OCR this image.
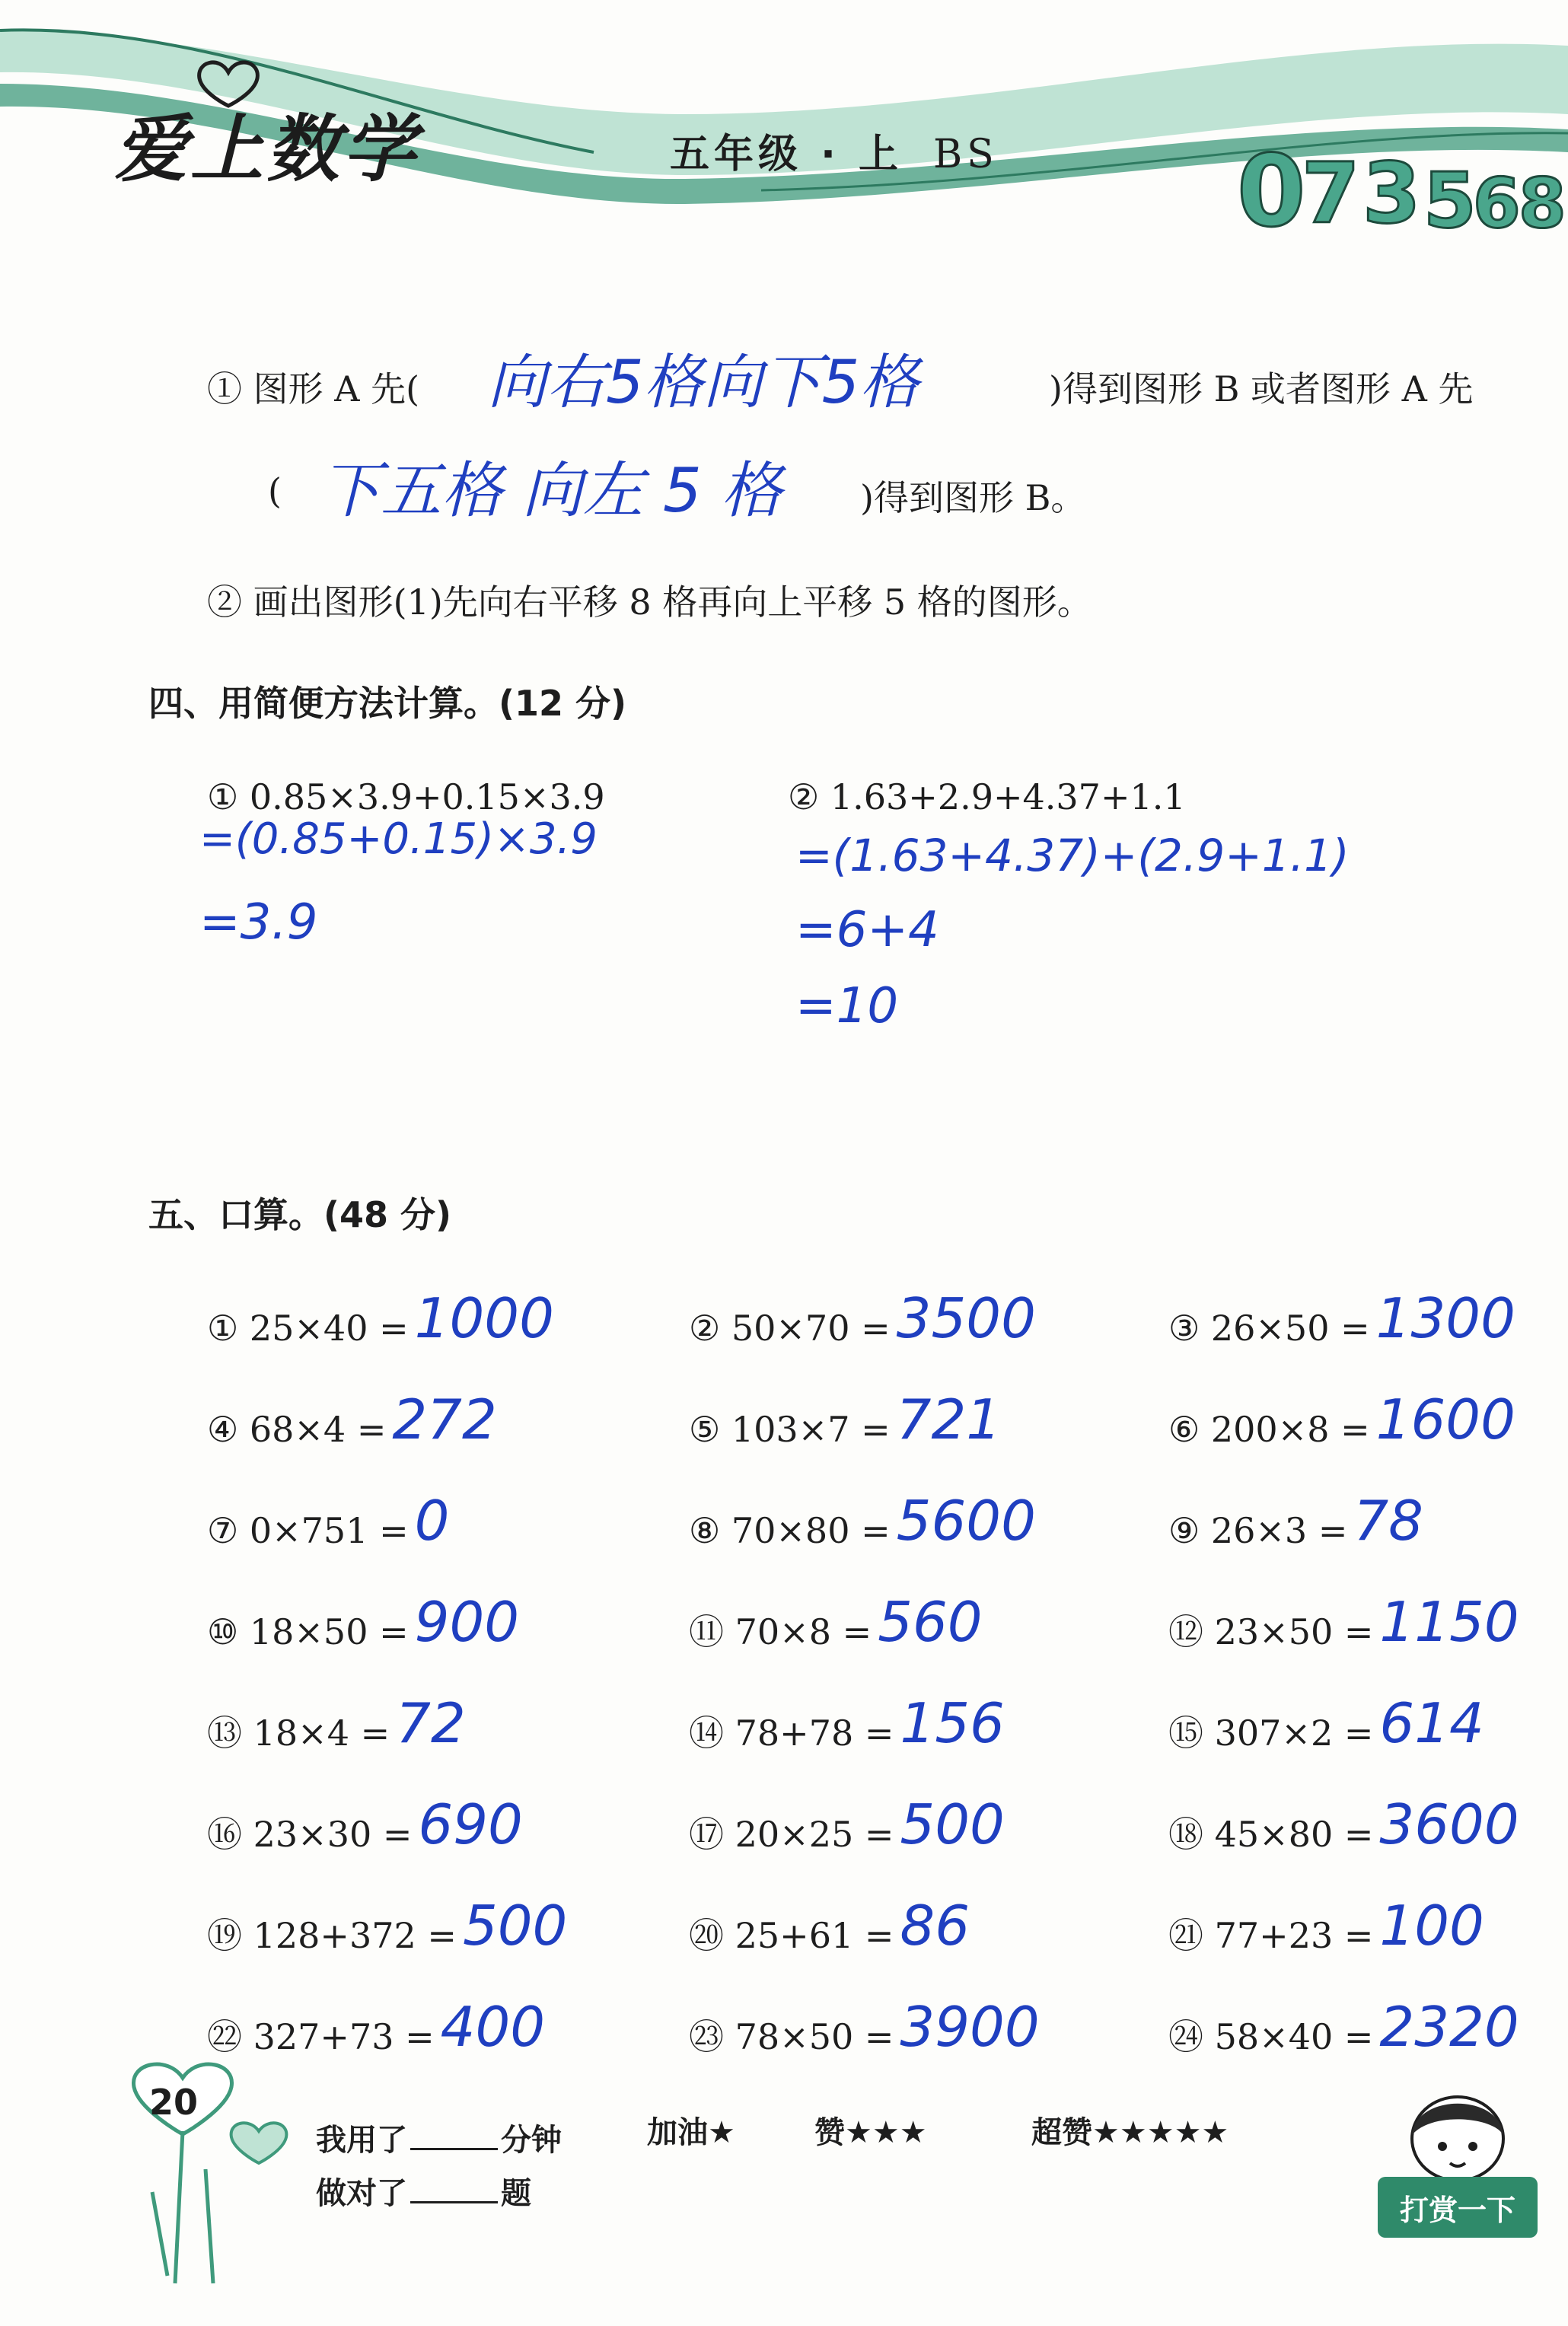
爱上数学	五年级 · 上 BS 0
7 3 5
6
8
① 图形 A 先( 向右5格向下5格	)得到图形 B 或者图形 A 先
( 下五格 向左 5 格 )得到图形 B。
② 画出图形(1)先向右平移 8 格再向上平移 5 格的图形。
四、用简便方法计算。(12 分)
① 0.85×3.9+0.15×3.9
=(0.85+0.15)×3.9
=3.9
② 1.63+2.9+4.37+1.1
=(1.63+4.37)+(2.9+1.1)
=6+4
=10
五、口算。(48 分)
① 25×40 = 1000	② 50×70 = 3500	③ 26×50 = 1300
④ 68×4 = 272	⑤ 103×7 = 721	⑥ 200×8 = 1600
⑦ 0×751 = 0	⑧ 70×80 = 5600	⑨ 26×3 = 78
⑩ 18×50 = 900	⑪ 70×8 = 560	⑫ 23×50 = 1150
⑬ 18×4 = 72	⑭ 78+78 = 156	⑮ 307×2 = 614
⑯ 23×30 = 690	⑰ 20×25 = 500	⑱ 45×80 = 3600
⑲ 128+372 = 500	⑳ 25+61 = 86	㉑ 77+23 = 100
㉒ 327+73 = 400	㉓ 78×50 = 3900	㉔ 58×40 = 2320
20
我用了	分钟
做对了	题
加油★	赞★★★	超赞★★★★★
打赏一下
